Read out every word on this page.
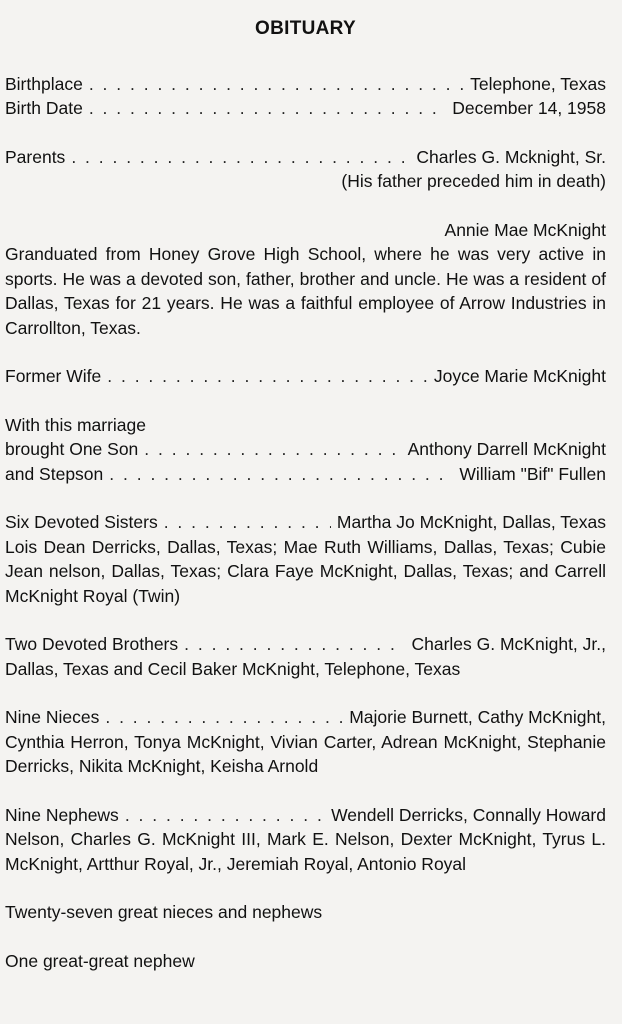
OBITUARY
Birthplace . . .	Telephone, Texas
Birth Date . . .	December 14, 1958
Parents . . .	Charles G. Mcknight, Sr.
(His father preceded him in death)
Annie Mae McKnight
Granduated from Honey Grove High School, where he was very active in sports. He was a devoted son, father, brother and uncle. He was a resident of Dallas, Texas for 21 years. He was a faithful employee of Arrow Industries in Carrollton, Texas.
Former Wife . . .	Joyce Marie McKnight
With this marriage
brought One Son . . .	Anthony Darrell McKnight
and Stepson . . .	William "Bif" Fullen
Six Devoted Sisters . . .	Martha Jo McKnight, Dallas, Texas
Lois Dean Derricks, Dallas, Texas; Mae Ruth Williams, Dallas, Texas; Cubie Jean nelson, Dallas, Texas; Clara Faye McKnight, Dallas, Texas; and Carrell McKnight Royal (Twin)
Two Devoted Brothers . . .	Charles G. McKnight, Jr.,
Dallas, Texas and Cecil Baker McKnight, Telephone, Texas
Nine Nieces . . .	Majorie Burnett, Cathy McKnight,
Cynthia Herron, Tonya McKnight, Vivian Carter, Adrean McKnight, Stephanie Derricks, Nikita McKnight, Keisha Arnold
Nine Nephews . . .	Wendell Derricks, Connally Howard
Nelson, Charles G. McKnight III, Mark E. Nelson, Dexter McKnight, Tyrus L. McKnight, Artthur Royal, Jr., Jeremiah Royal, Antonio Royal
Twenty-seven great nieces and nephews
One great-great nephew
